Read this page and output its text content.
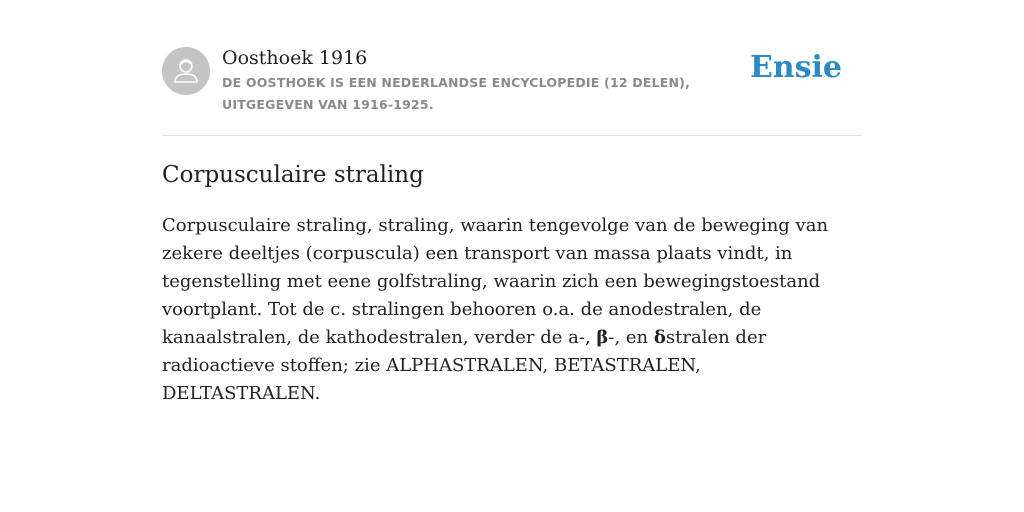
Oosthoek 1916
DE OOSTHOEK IS EEN NEDERLANDSE ENCYCLOPEDIE (12 DELEN), UITGEGEVEN VAN 1916-1925.
Ensie
Corpusculaire straling

Corpusculaire straling, straling, waarin tengevolge van de beweging van zekere deeltjes (corpuscula) een transport van massa plaats vindt, in tegenstelling met eene golfstraling, waarin zich een bewegingstoestand voortplant. Tot de c. stralingen behooren o.a. de anodestralen, de kanaalstralen, de kathodestralen, verder de a-, β-, en δstralen der radioactieve stoffen; zie ALPHASTRALEN, BETASTRALEN, DELTASTRALEN.
